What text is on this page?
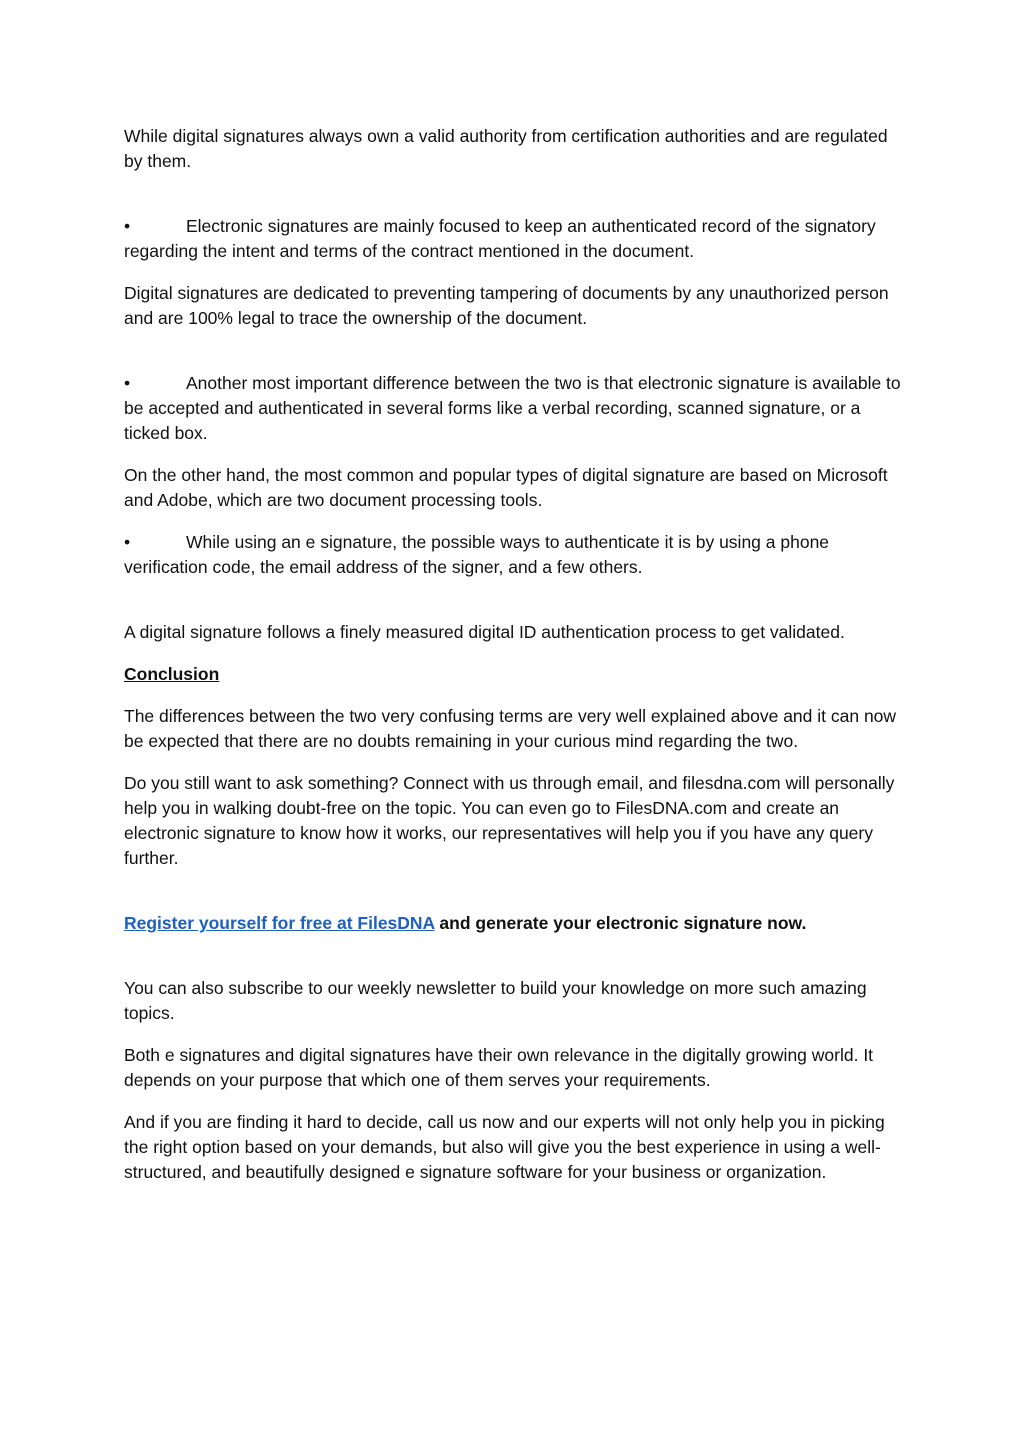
While digital signatures always own a valid authority from certification authorities and are regulated by them.

•	Electronic signatures are mainly focused to keep an authenticated record of the signatory regarding the intent and terms of the contract mentioned in the document.

Digital signatures are dedicated to preventing tampering of documents by any unauthorized person and are 100% legal to trace the ownership of the document.

•	Another most important difference between the two is that electronic signature is available to be accepted and authenticated in several forms like a verbal recording, scanned signature, or a ticked box.

On the other hand, the most common and popular types of digital signature are based on Microsoft and Adobe, which are two document processing tools.

•	While using an e signature, the possible ways to authenticate it is by using a phone verification code, the email address of the signer, and a few others.

A digital signature follows a finely measured digital ID authentication process to get validated.

Conclusion

The differences between the two very confusing terms are very well explained above and it can now be expected that there are no doubts remaining in your curious mind regarding the two.

Do you still want to ask something? Connect with us through email, and filesdna.com will personally help you in walking doubt-free on the topic. You can even go to FilesDNA.com and create an electronic signature to know how it works, our representatives will help you if you have any query further.

Register yourself for free at FilesDNA and generate your electronic signature now.

You can also subscribe to our weekly newsletter to build your knowledge on more such amazing topics.

Both e signatures and digital signatures have their own relevance in the digitally growing world. It depends on your purpose that which one of them serves your requirements.

And if you are finding it hard to decide, call us now and our experts will not only help you in picking the right option based on your demands, but also will give you the best experience in using a well-structured, and beautifully designed e signature software for your business or organization.
